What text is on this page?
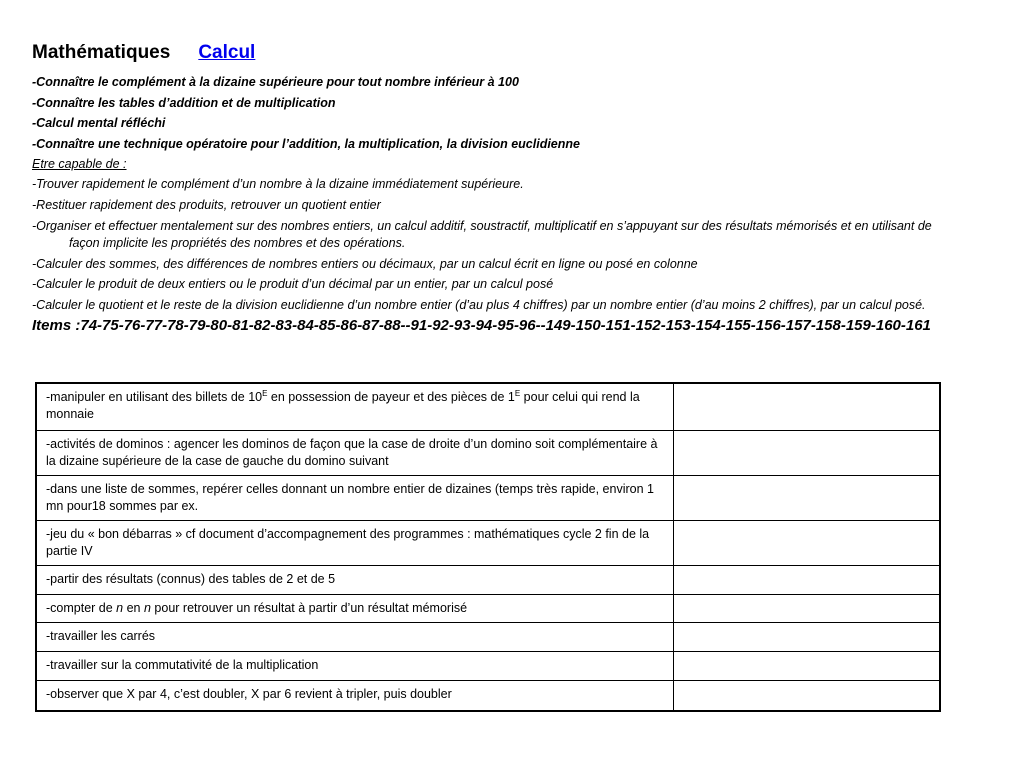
Mathématiques Calcul
-Connaître le complément à la dizaine supérieure pour tout nombre inférieur à 100
-Connaître les tables d’addition et de multiplication
-Calcul mental réfléchi
-Connaître une technique opératoire pour l’addition, la multiplication, la division euclidienne
Etre capable de :
-Trouver rapidement le complément d’un nombre à la dizaine immédiatement supérieure.
-Restituer rapidement des produits, retrouver un quotient entier
-Organiser et effectuer mentalement sur des nombres entiers, un calcul additif, soustractif, multiplicatif en s’appuyant sur des résultats mémorisés et en utilisant de façon implicite les propriétés des nombres et des opérations.
-Calculer des sommes, des différences de nombres entiers ou décimaux, par un calcul écrit en ligne ou posé en colonne
-Calculer le produit de deux entiers ou le produit d’un décimal par un entier, par un calcul posé
-Calculer le quotient et le reste de la division euclidienne d’un nombre entier (d’au plus 4 chiffres) par un nombre entier (d’au moins 2 chiffres), par un calcul posé.
Items :74-75-76-77-78-79-80-81-82-83-84-85-86-87-88--91-92-93-94-95-96--149-150-151-152-153-154-155-156-157-158-159-160-161
-manipuler en utilisant des billets de $10^E$ en possession de payeur et des pièces de $1^E$ pour celui qui rend la monnaie	
-activités de dominos : agencer les dominos de façon que la case de droite d’un domino soit complémentaire à la dizaine supérieure de la case de gauche du domino suivant	
-dans une liste de sommes, repérer celles donnant un nombre entier de dizaines (temps très rapide, environ 1 mn pour18 sommes par ex.	
-jeu du « bon débarras » cf document d’accompagnement des programmes : mathématiques cycle 2 fin de la partie IV	
-partir des résultats (connus) des tables de 2 et de 5	
-compter de n en n pour retrouver un résultat à partir d’un résultat mémorisé	
-travailler les carrés	
-travailler sur la commutativité de la multiplication	
-observer que X par 4, c’est doubler, X par 6 revient à tripler, puis doubler	
